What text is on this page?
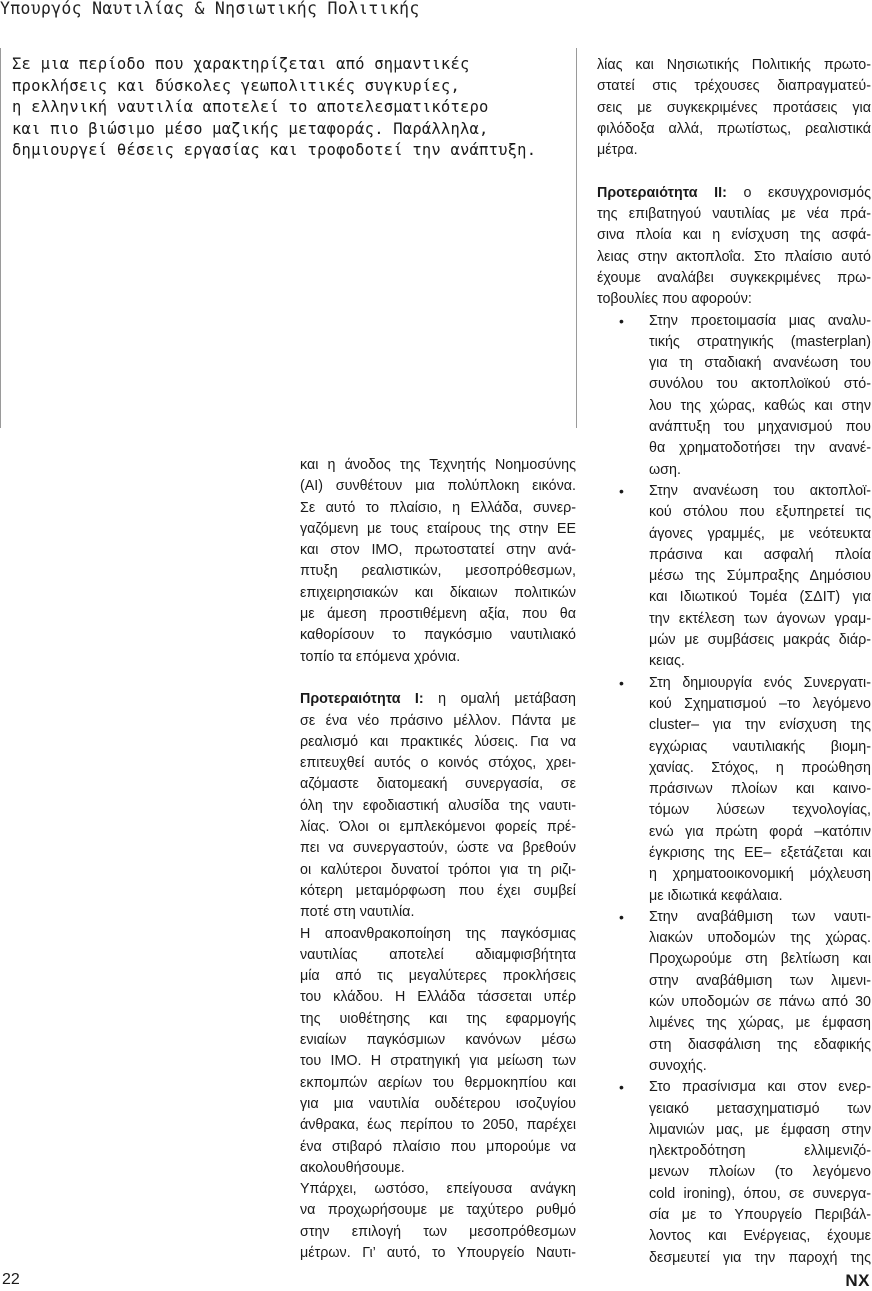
Υπουργός Ναυτιλίας & Νησιωτικής Πολιτικής
Σε μια περίοδο που χαρακτηρίζεται από σημαντικές
προκλήσεις και δύσκολες γεωπολιτικές συγκυρίες,
η ελληνική ναυτιλία αποτελεί το αποτελεσματικότερο
και πιο βιώσιμο μέσο μαζικής μεταφοράς. Παράλληλα,
δημιουργεί θέσεις εργασίας και τροφοδοτεί την ανάπτυξη.
και η άνοδος της Τεχνητής Νοημοσύνης
(AI) συνθέτουν μια πολύπλοκη εικόνα.
Σε αυτό το πλαίσιο, η Ελλάδα, συνερ-
γαζόμενη με τους εταίρους της στην ΕΕ
και στον ΙΜΟ, πρωτοστατεί στην ανά-
πτυξη ρεαλιστικών, μεσοπρόθεσμων,
επιχειρησιακών και δίκαιων πολιτικών
με άμεση προστιθέμενη αξία, που θα
καθορίσουν το παγκόσμιο ναυτιλιακό
τοπίο τα επόμενα χρόνια.
Προτεραιότητα I: η ομαλή μετάβαση
σε ένα νέο πράσινο μέλλον. Πάντα με
ρεαλισμό και πρακτικές λύσεις. Για να
επιτευχθεί αυτός ο κοινός στόχος, χρει-
αζόμαστε διατομεακή συνεργασία, σε
όλη την εφοδιαστική αλυσίδα της ναυτι-
λίας. Όλοι οι εμπλεκόμενοι φορείς πρέ-
πει να συνεργαστούν, ώστε να βρεθούν
οι καλύτεροι δυνατοί τρόποι για τη ριζι-
κότερη μεταμόρφωση που έχει συμβεί
ποτέ στη ναυτιλία.
Η απoανθρακοποίηση της παγκόσμιας
ναυτιλίας αποτελεί αδιαμφισβήτητα
μία από τις μεγαλύτερες προκλήσεις
του κλάδου. Η Ελλάδα τάσσεται υπέρ
της υιοθέτησης και της εφαρμογής
ενιαίων παγκόσμιων κανόνων μέσω
του ΙΜΟ. Η στρατηγική για μείωση των
εκπομπών αερίων του θερμοκηπίου και
για μια ναυτιλία ουδέτερου ισοζυγίου
άνθρακα, έως περίπου το 2050, παρέχει
ένα στιβαρό πλαίσιο που μπορούμε να
ακολουθήσουμε.
Υπάρχει, ωστόσο, επείγουσα ανάγκη
να προχωρήσουμε με ταχύτερο ρυθμό
στην επιλογή των μεσοπρόθεσμων
μέτρων. Γι’ αυτό, το Υπουργείο Ναυτι-
λίας και Νησιωτικής Πολιτικής πρωτο-
στατεί στις τρέχουσες διαπραγματεύ-
σεις με συγκεκριμένες προτάσεις για
φιλόδοξα αλλά, πρωτίστως, ρεαλιστικά
μέτρα.
Προτεραιότητα II: ο εκσυγχρονισμός
της επιβατηγού ναυτιλίας με νέα πρά-
σινα πλοία και η ενίσχυση της ασφά-
λειας στην ακτοπλοΐα. Στο πλαίσιο αυτό
έχουμε αναλάβει συγκεκριμένες πρω-
τοβουλίες που αφορούν:
• Στην προετοιμασία μιας αναλυ-
τικής στρατηγικής (masterplan)
για τη σταδιακή ανανέωση του
συνόλου του ακτοπλοϊκού στό-
λου της χώρας, καθώς και στην
ανάπτυξη του μηχανισμού που
θα χρηματοδοτήσει την ανανέ-
ωση.
• Στην ανανέωση του ακτοπλοϊ-
κού στόλου που εξυπηρετεί τις
άγονες γραμμές, με νεότευκτα
πράσινα και ασφαλή πλοία
μέσω της Σύμπραξης Δημόσιου
και Ιδιωτικού Τομέα (ΣΔΙΤ) για
την εκτέλεση των άγονων γραμ-
μών με συμβάσεις μακράς διάρ-
κειας.
• Στη δημιουργία ενός Συνεργατι-
κού Σχηματισμού –το λεγόμενο
cluster– για την ενίσχυση της
εγχώριας ναυτιλιακής βιομη-
χανίας. Στόχος, η προώθηση
πράσινων πλοίων και καινο-
τόμων λύσεων τεχνολογίας,
ενώ για πρώτη φορά –κατόπιν
έγκρισης της ΕΕ– εξετάζεται και
η χρηματοοικονομική μόχλευση
με ιδιωτικά κεφάλαια.
• Στην αναβάθμιση των ναυτι-
λιακών υποδομών της χώρας.
Προχωρούμε στη βελτίωση και
στην αναβάθμιση των λιμενι-
κών υποδομών σε πάνω από 30
λιμένες της χώρας, με έμφαση
στη διασφάλιση της εδαφικής
συνοχής.
• Στο πρασίνισμα και στον ενερ-
γειακό μετασχηματισμό των
λιμανιών μας, με έμφαση στην
ηλεκτροδότηση ελλιμενιζό-
μενων πλοίων (το λεγόμενο
cold ironing), όπου, σε συνεργα-
σία με το Υπουργείο Περιβάλ-
λοντος και Ενέργειας, έχουμε
δεσμευτεί για την παροχή της
22	NX
